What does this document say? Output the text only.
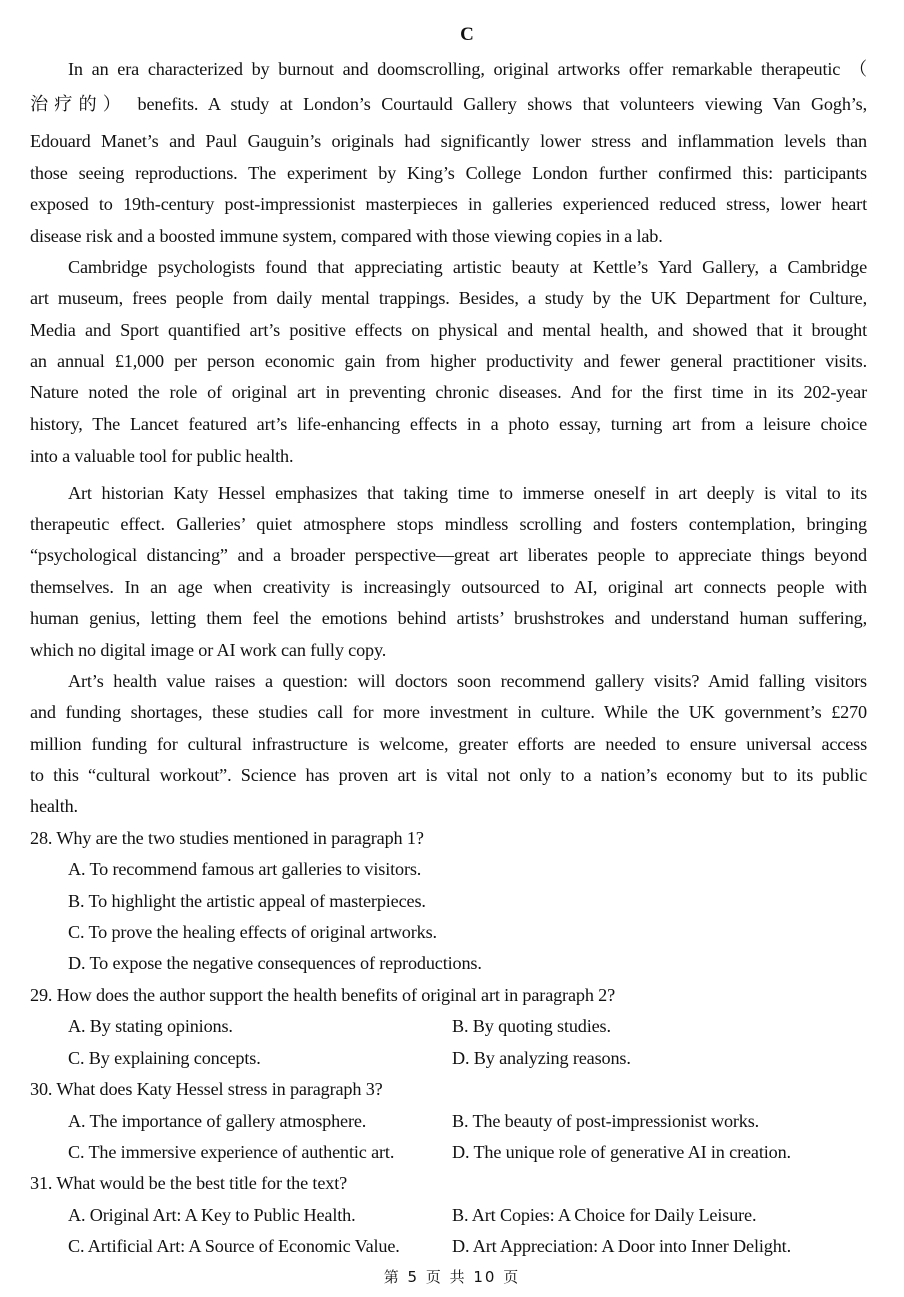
C
In an era characterized by burnout and doomscrolling, original artworks offer remarkable therapeutic （
治疗的） benefits. A study at London’s Courtauld Gallery shows that volunteers viewing Van Gogh’s,
Edouard Manet’s and Paul Gauguin’s originals had significantly lower stress and inflammation levels than
those seeing reproductions. The experiment by King’s College London further confirmed this: participants
exposed to 19th-century post-impressionist masterpieces in galleries experienced reduced stress, lower heart
disease risk and a boosted immune system, compared with those viewing copies in a lab.
Cambridge psychologists found that appreciating artistic beauty at Kettle’s Yard Gallery, a Cambridge
art museum, frees people from daily mental trappings. Besides, a study by the UK Department for Culture,
Media and Sport quantified art’s positive effects on physical and mental health, and showed that it brought
an annual £1,000 per person economic gain from higher productivity and fewer general practitioner visits.
Nature noted the role of original art in preventing chronic diseases. And for the first time in its 202-year
history, The Lancet featured art’s life-enhancing effects in a photo essay, turning art from a leisure choice
into a valuable tool for public health.
Art historian Katy Hessel emphasizes that taking time to immerse oneself in art deeply is vital to its
therapeutic effect. Galleries’ quiet atmosphere stops mindless scrolling and fosters contemplation, bringing
“psychological distancing” and a broader perspective—great art liberates people to appreciate things beyond
themselves. In an age when creativity is increasingly outsourced to AI, original art connects people with
human genius, letting them feel the emotions behind artists’ brushstrokes and understand human suffering,
which no digital image or AI work can fully copy.
Art’s health value raises a question: will doctors soon recommend gallery visits? Amid falling visitors
and funding shortages, these studies call for more investment in culture. While the UK government’s £270
million funding for cultural infrastructure is welcome, greater efforts are needed to ensure universal access
to this “cultural workout”. Science has proven art is vital not only to a nation’s economy but to its public
health.
28. Why are the two studies mentioned in paragraph 1?
A. To recommend famous art galleries to visitors.
B. To highlight the artistic appeal of masterpieces.
C. To prove the healing effects of original artworks.
D. To expose the negative consequences of reproductions.
29. How does the author support the health benefits of original art in paragraph 2?
A. By stating opinions.	B. By quoting studies.
C. By explaining concepts.	D. By analyzing reasons.
30. What does Katy Hessel stress in paragraph 3?
A. The importance of gallery atmosphere.	B. The beauty of post-impressionist works.
C. The immersive experience of authentic art.	D. The unique role of generative AI in creation.
31. What would be the best title for the text?
A. Original Art: A Key to Public Health.	B. Art Copies: A Choice for Daily Leisure.
C. Artificial Art: A Source of Economic Value.	D. Art Appreciation: A Door into Inner Delight.
第 5 页 共 10 页
